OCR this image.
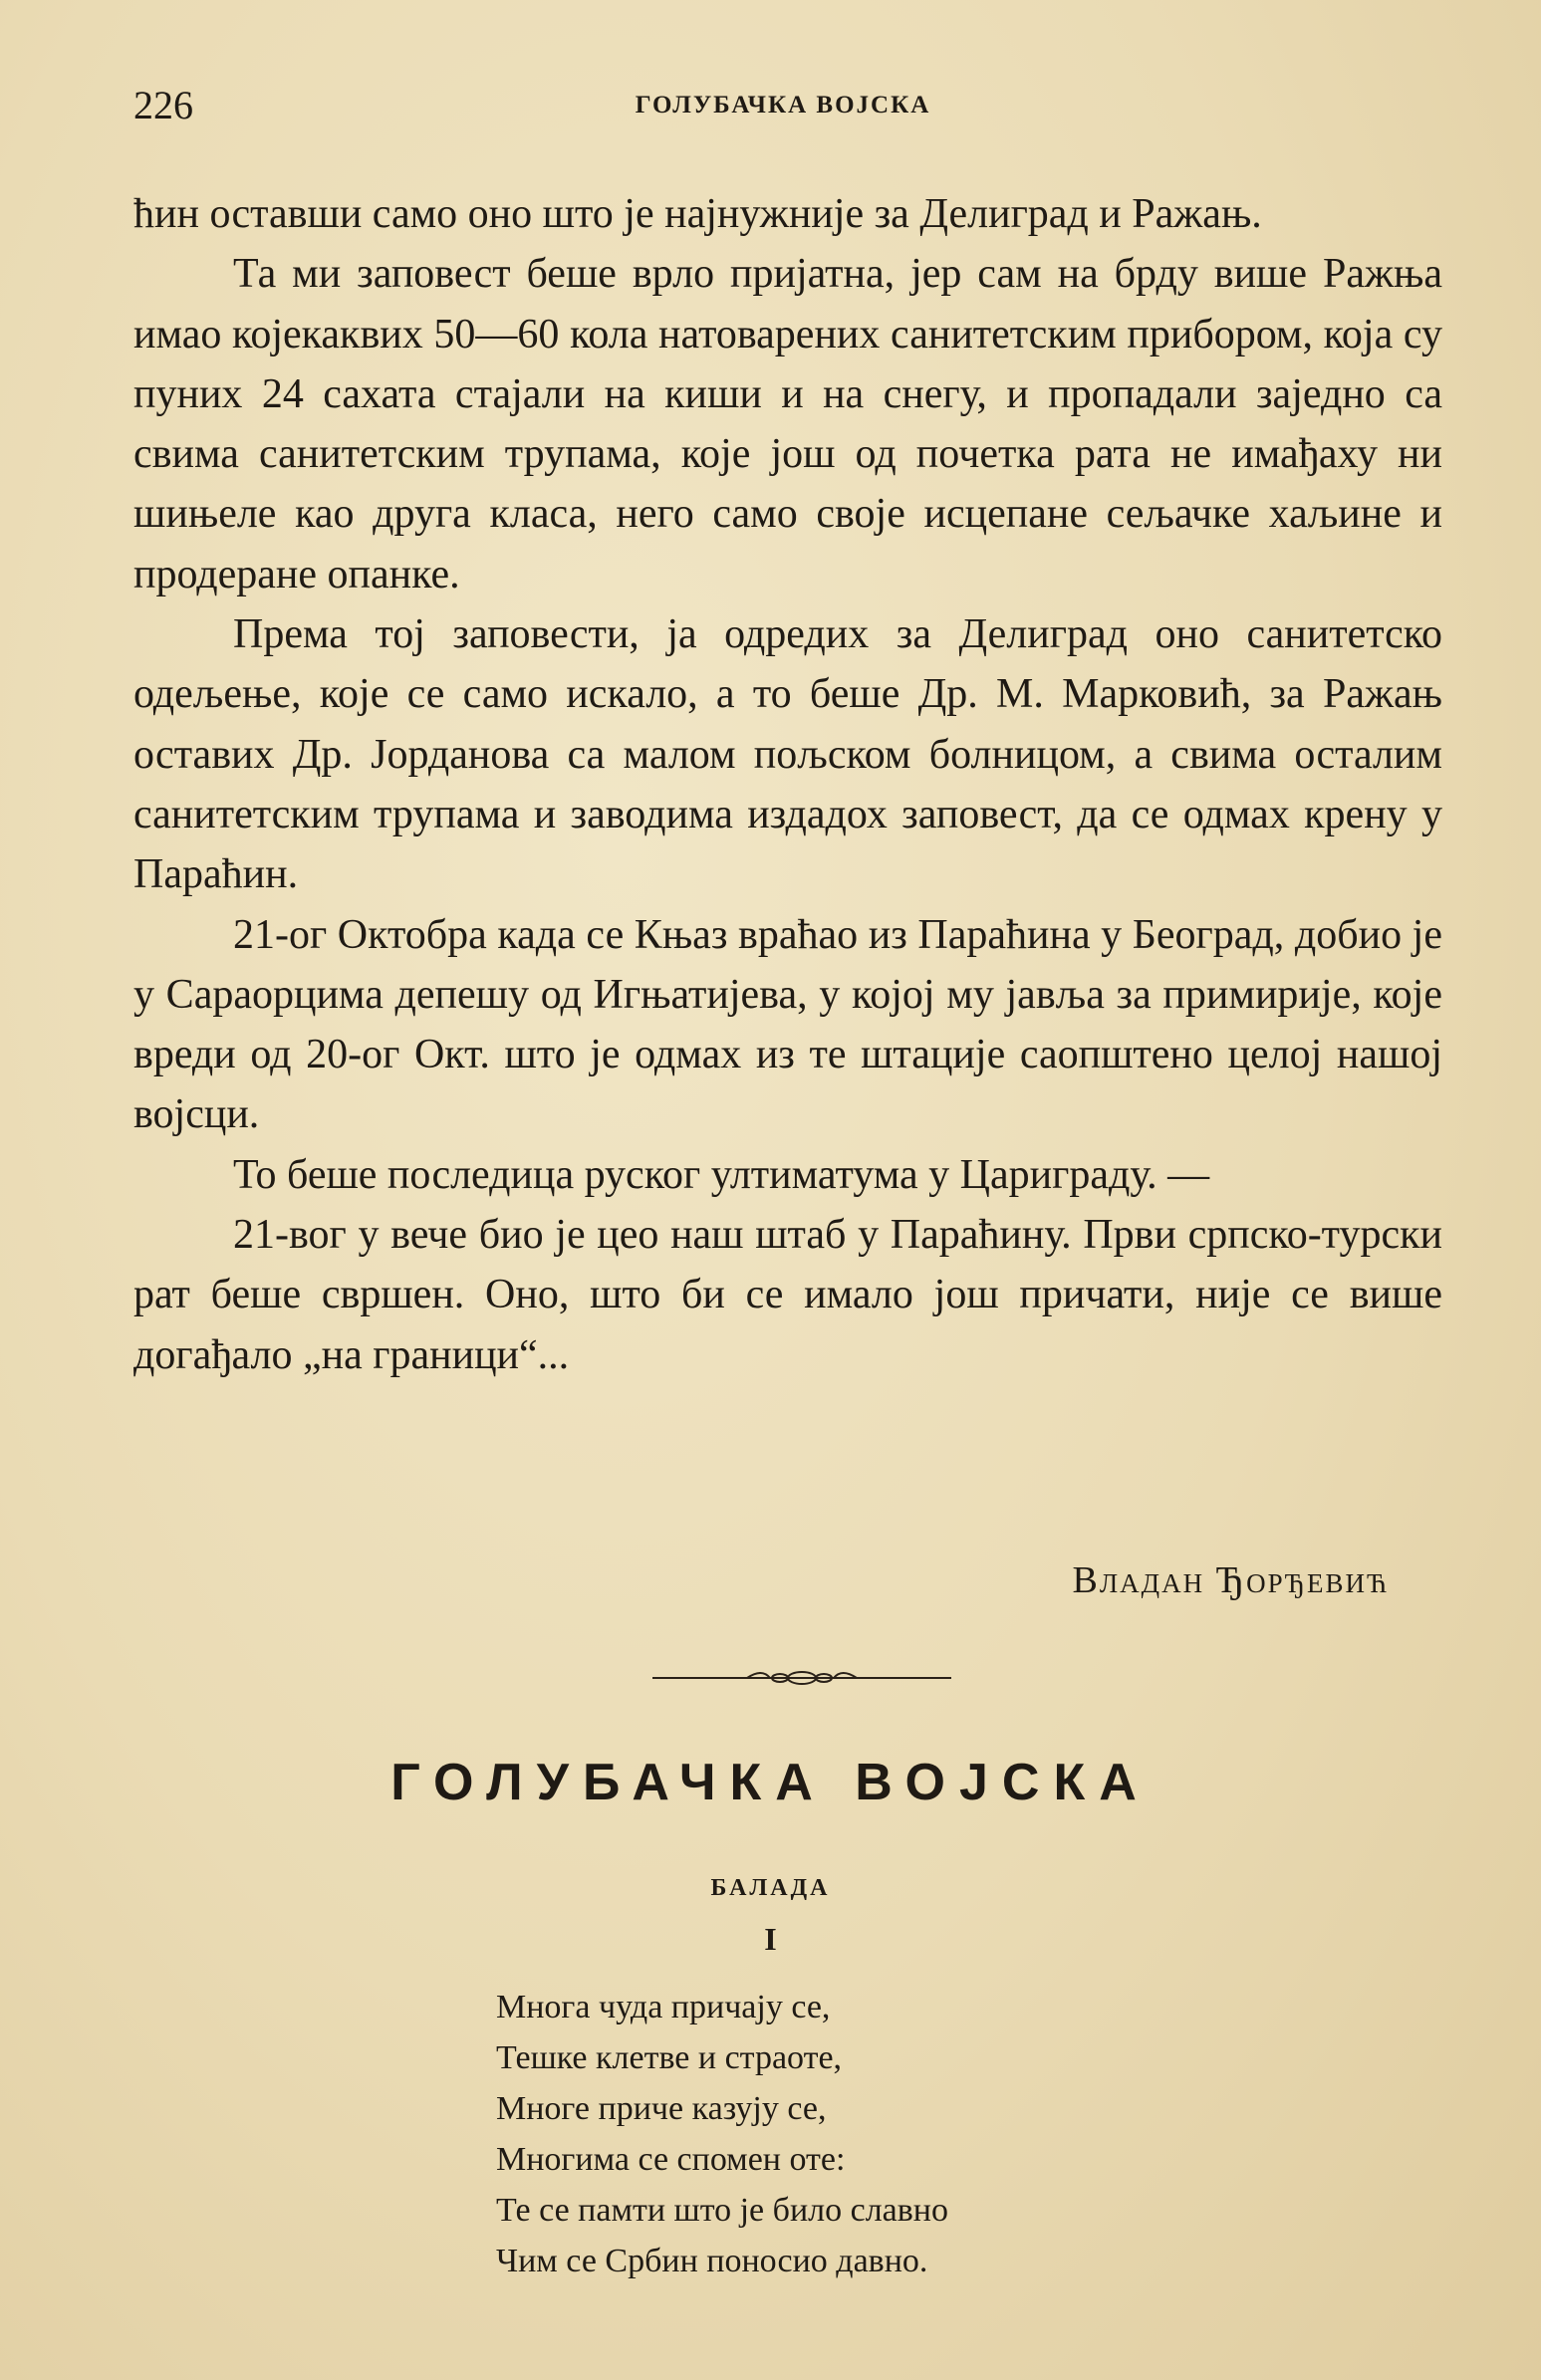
226	ГОЛУБАЧКА ВОЈСКА

ћин оставши само оно што је најнужније за Делиград и Ражањ.

Та ми заповест беше врло пријатна, јер сам на брду више Ражња имао којекаквих 50—60 кола натоварених санитетским прибором, која су пуних 24 сахата стајали на киши и на снегу, и пропадали заједно са свима санитетским трупама, које још од почетка рата не имађаху ни шињеле као друга класа, него само своје исцепане сељачке хаљине и продеране опанке.

Према тој заповести, ја одредих за Делиград оно санитетско одељење, које се само искало, а то беше Др. М. Марковић, за Ражањ оставих Др. Јорданова са малом пољском болницом, а свима осталим санитетским трупама и заводима издадох заповест, да се одмах крену у Параћин.

21-ог Октобра када се Књаз враћао из Параћина у Београд, добио је у Сараорцима депешу од Игњатијева, у којој му јавља за примирије, које вреди од 20-ог Окт. што је одмах из те штације саопштено целој нашој војсци.

То беше последица руског ултиматума у Цариграду. —

21-вог у вече био је цео наш штаб у Параћину. Први српско-турски рат беше свршен. Оно, што би се имало још причати, није се више догађало „на граници“...

Владан Ђорђевић
ГОЛУБАЧКА ВОЈСКА
БАЛАДА
I
Многа чуда причају се,
Тешке клетве и страоте,
Многе приче казују се,
Многима се спомен оте:
Те се памти што је било славно
Чим се Србин поносио давно.
